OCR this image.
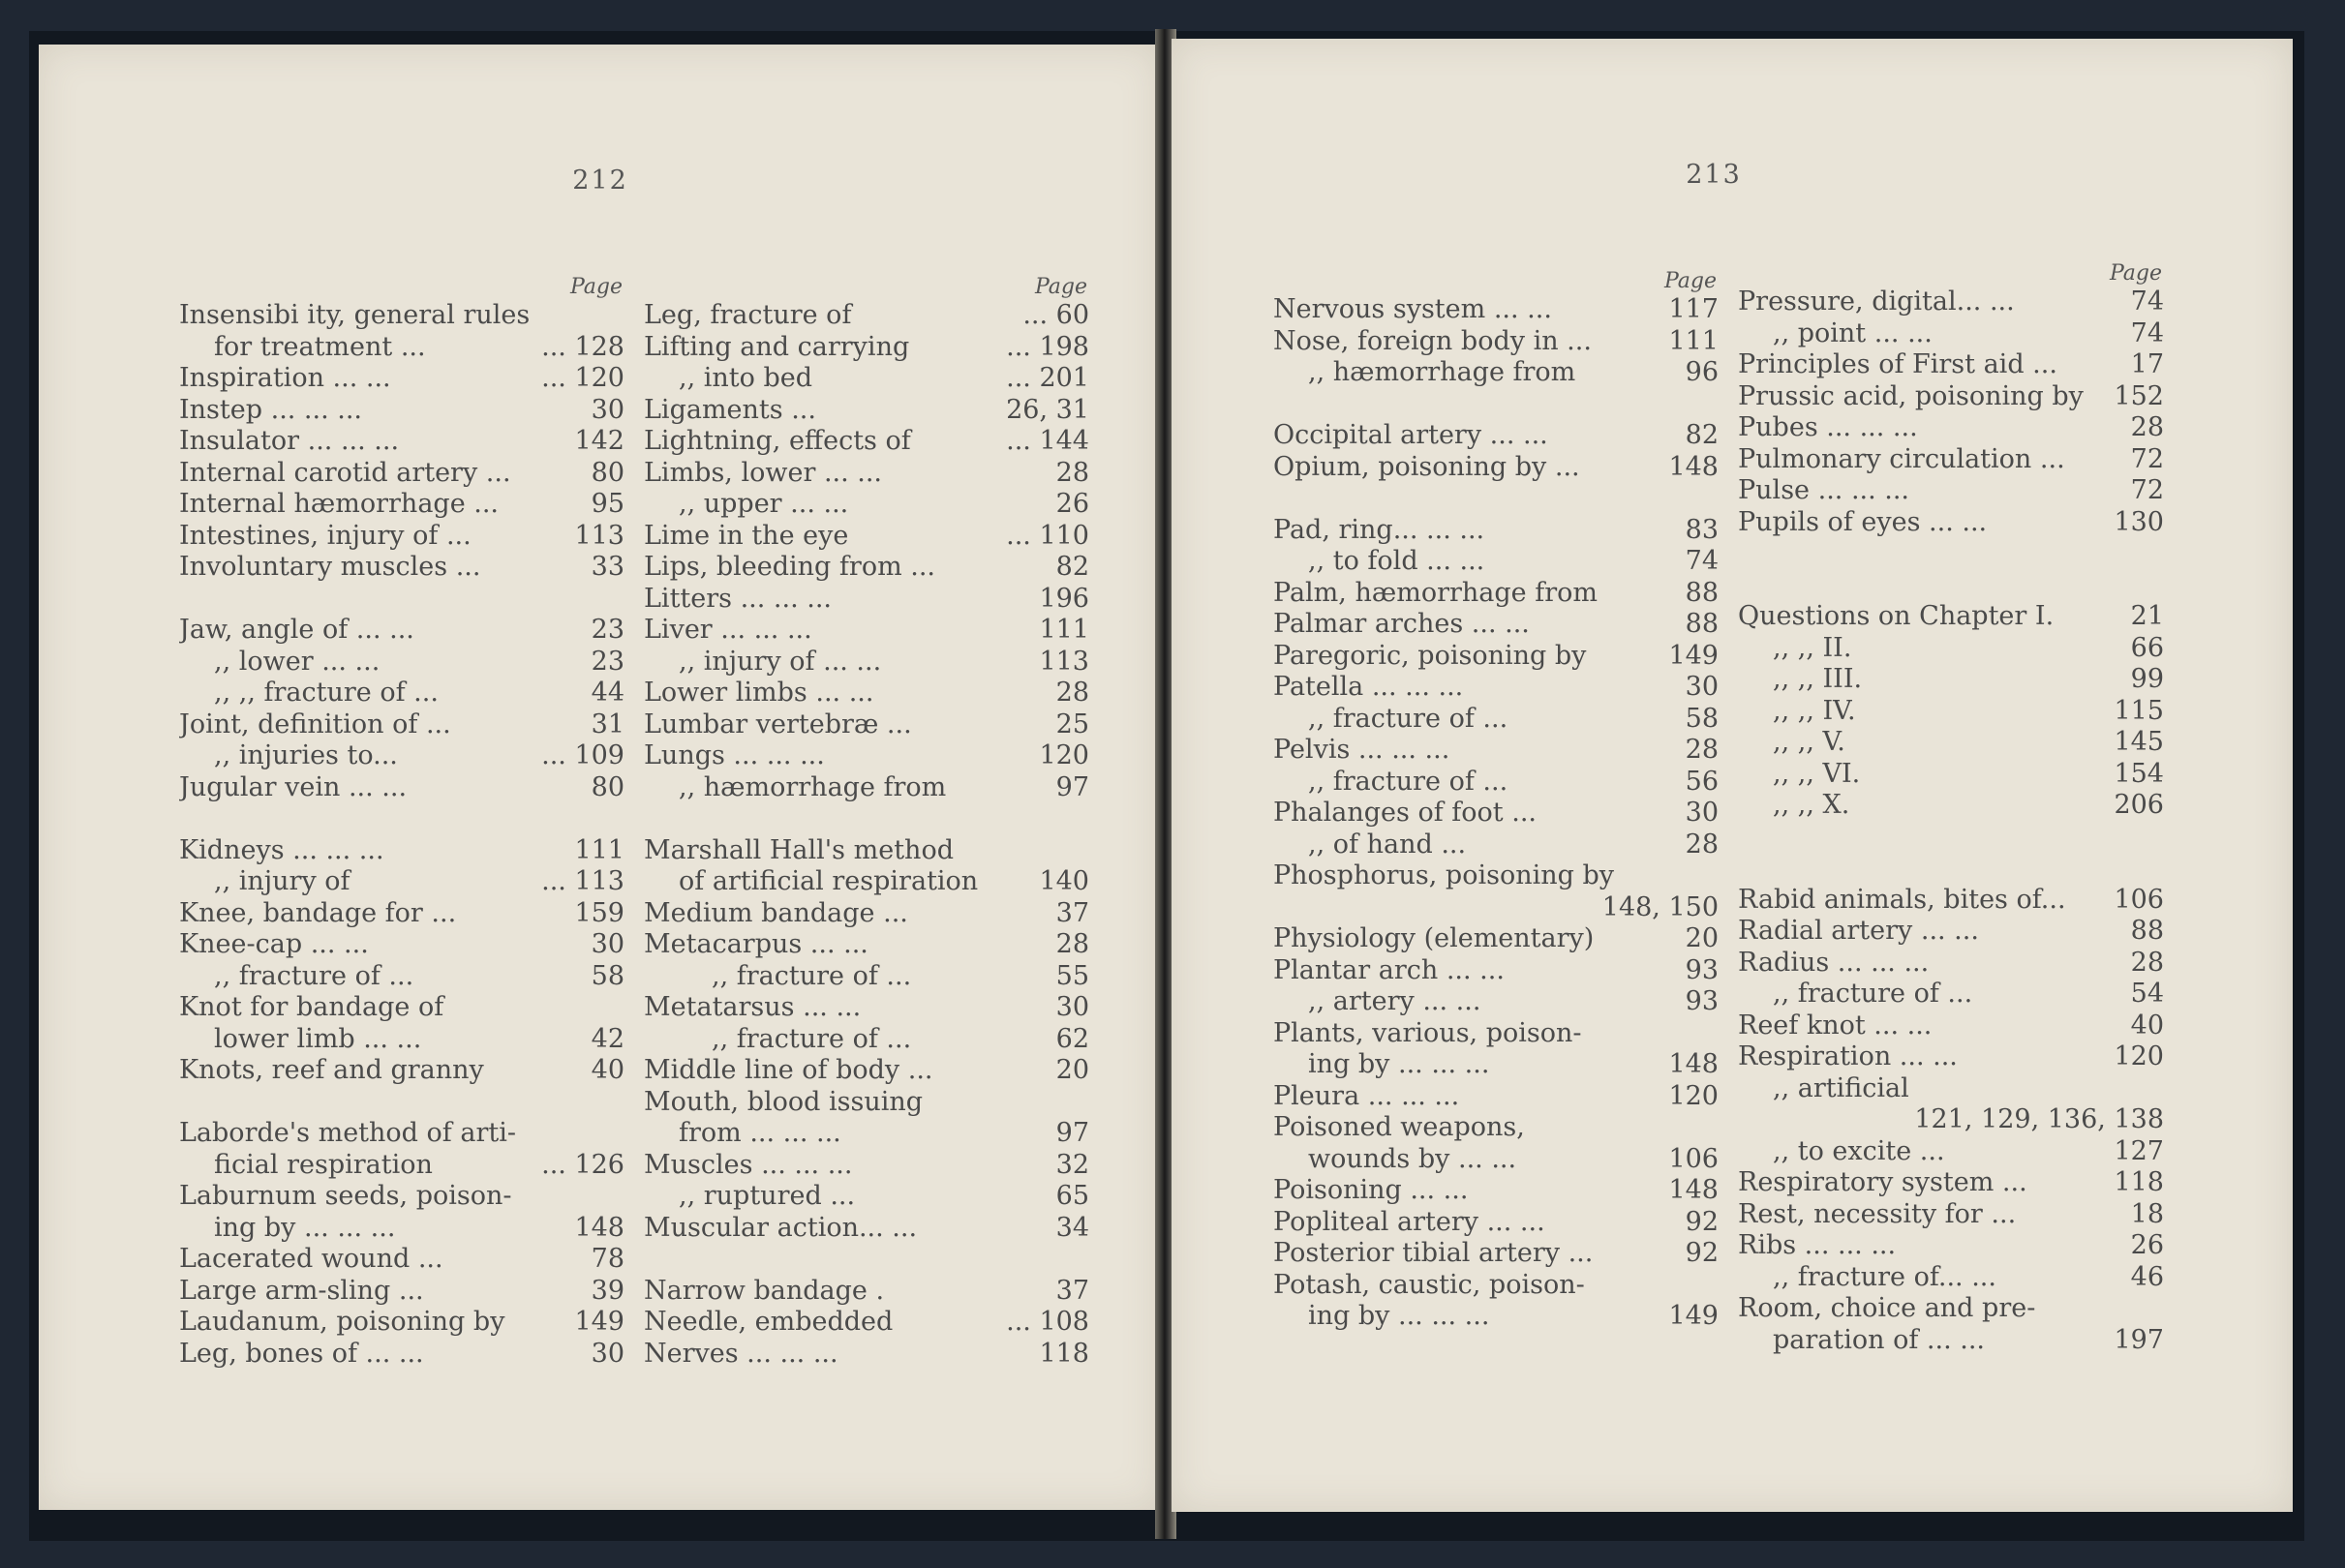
212
Page
Insensibi ity, general rules
for treatment ...	... 128
Inspiration ... ...	... 120
Instep ... ... ...	30
Insulator ... ... ...	142
Internal carotid artery ...	80
Internal hæmorrhage ...	95
Intestines, injury of ...	113
Involuntary muscles ...	33
Jaw, angle of ... ...	23
,, lower ... ...	23
,, ,, fracture of ...	44
Joint, definition of ...	31
,, injuries to...	... 109
Jugular vein ... ...	80
Kidneys ... ... ...	111
,, injury of	... 113
Knee, bandage for ...	159
Knee-cap ... ...	30
,, fracture of ...	58
Knot for bandage of
lower limb ... ...	42
Knots, reef and granny	40
Laborde's method of arti-
ficial respiration	... 126
Laburnum seeds, poison-
ing by ... ... ...	148
Lacerated wound ...	78
Large arm-sling ...	39
Laudanum, poisoning by	149
Leg, bones of ... ...	30
Page
Leg, fracture of	... 60
Lifting and carrying	... 198
,, into bed	... 201
Ligaments ...	26, 31
Lightning, effects of	... 144
Limbs, lower ... ...	28
,, upper ... ...	26
Lime in the eye	... 110
Lips, bleeding from ...	82
Litters ... ... ...	196
Liver ... ... ...	111
,, injury of ... ...	113
Lower limbs ... ...	28
Lumbar vertebræ ...	25
Lungs ... ... ...	120
,, hæmorrhage from	97
Marshall Hall's method
of artificial respiration	140
Medium bandage ...	37
Metacarpus ... ...	28
,, fracture of ...	55
Metatarsus ... ...	30
,, fracture of ...	62
Middle line of body ...	20
Mouth, blood issuing
from ... ... ...	97
Muscles ... ... ...	32
,, ruptured ...	65
Muscular action... ...	34
Narrow bandage .	37
Needle, embedded	... 108
Nerves ... ... ...	118
213
Page
Nervous system ... ...	117
Nose, foreign body in ...	111
,, hæmorrhage from	96
Occipital artery ... ...	82
Opium, poisoning by ...	148
Pad, ring... ... ...	83
,, to fold ... ...	74
Palm, hæmorrhage from	88
Palmar arches ... ...	88
Paregoric, poisoning by	149
Patella ... ... ...	30
,, fracture of ...	58
Pelvis ... ... ...	28
,, fracture of ...	56
Phalanges of foot ...	30
,, of hand ...	28
Phosphorus, poisoning by
148, 150
Physiology (elementary)	20
Plantar arch ... ...	93
,, artery ... ...	93
Plants, various, poison-
ing by ... ... ...	148
Pleura ... ... ...	120
Poisoned weapons,
wounds by ... ...	106
Poisoning ... ...	148
Popliteal artery ... ...	92
Posterior tibial artery ...	92
Potash, caustic, poison-
ing by ... ... ...	149
Page
Pressure, digital... ...	74
,, point ... ...	74
Principles of First aid ...	17
Prussic acid, poisoning by	152
Pubes ... ... ...	28
Pulmonary circulation ...	72
Pulse ... ... ...	72
Pupils of eyes ... ...	130
Questions on Chapter I.	21
,, ,, II.	66
,, ,, III.	99
,, ,, IV.	115
,, ,, V.	145
,, ,, VI.	154
,, ,, X.	206
Rabid animals, bites of...	106
Radial artery ... ...	88
Radius ... ... ...	28
,, fracture of ...	54
Reef knot ... ...	40
Respiration ... ...	120
,, artificial
121, 129, 136, 138
,, to excite ...	127
Respiratory system ...	118
Rest, necessity for ...	18
Ribs ... ... ...	26
,, fracture of... ...	46
Room, choice and pre-
paration of ... ...	197
